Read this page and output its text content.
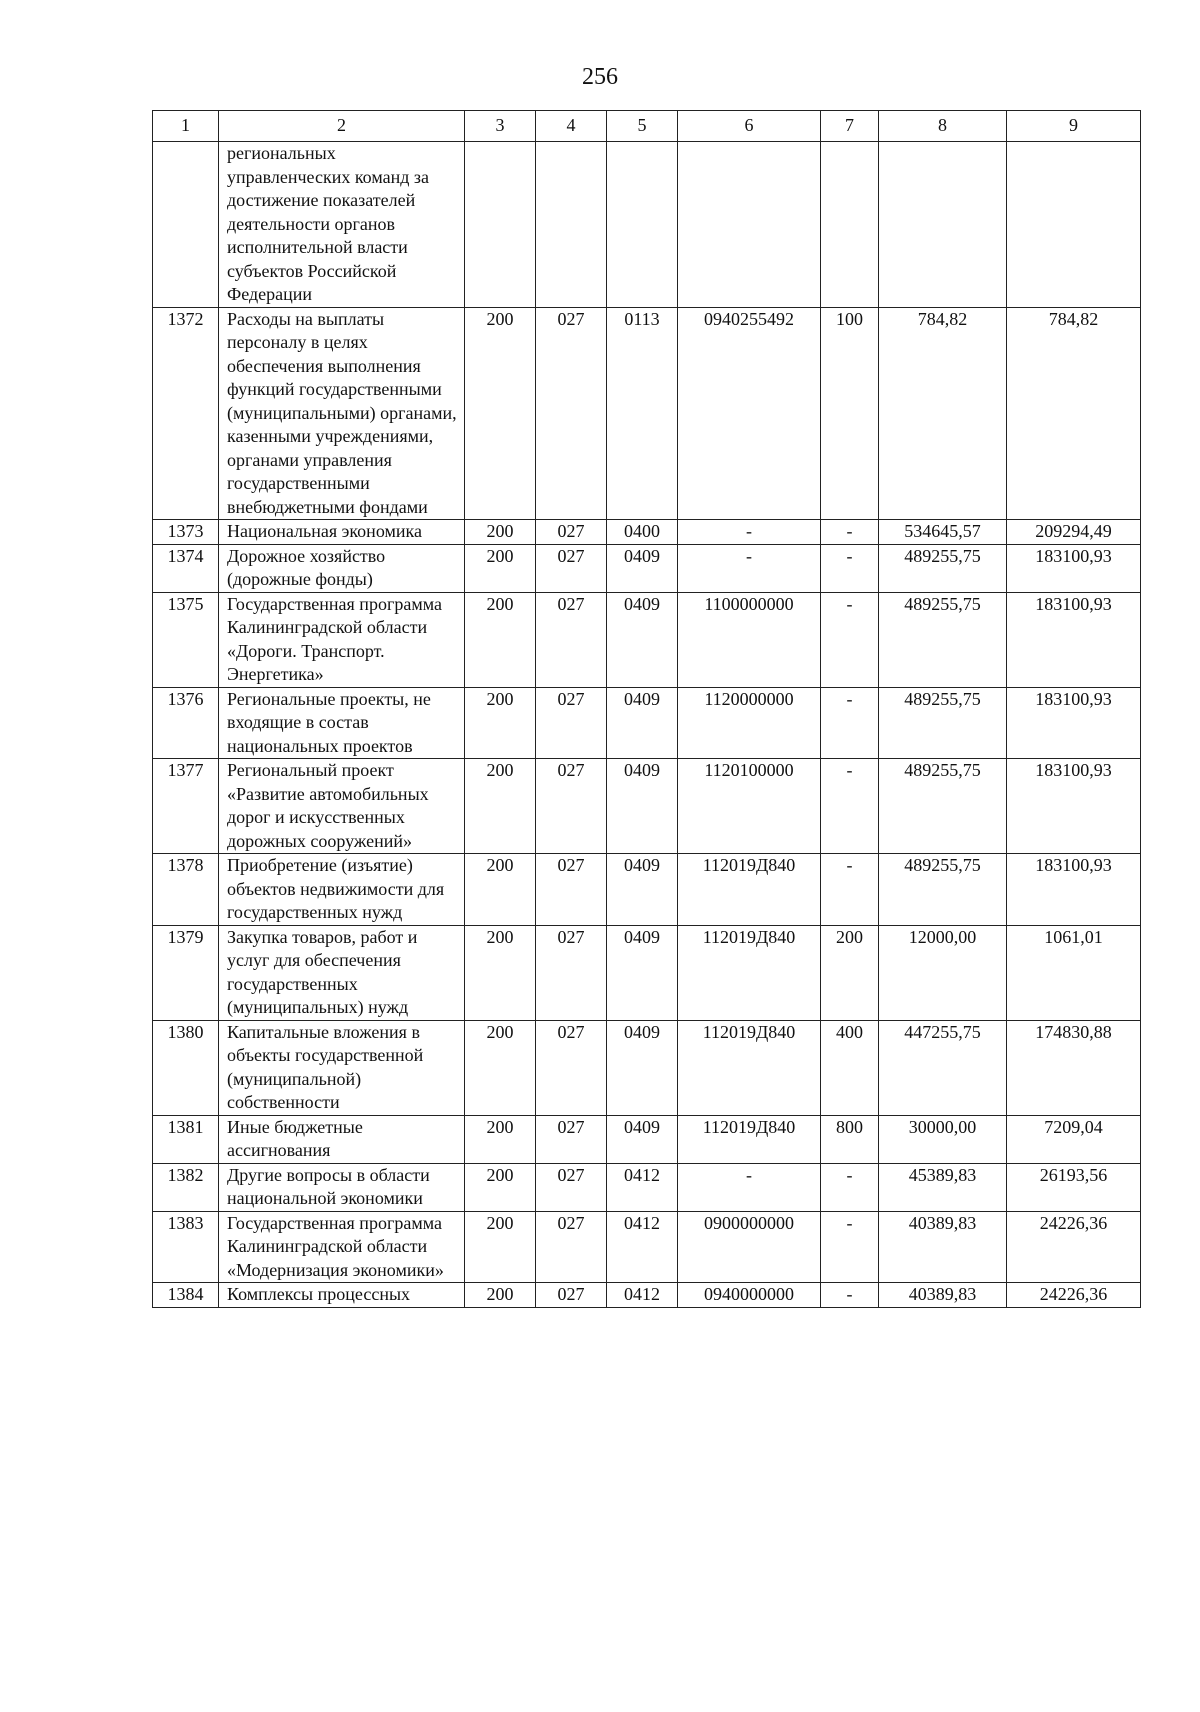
256
1	2	3	4	5	6	7	8	9
	региональных управленческих команд за достижение показателей деятельности органов исполнительной власти субъектов Российской Федерации							
1372	Расходы на выплаты персоналу в целях обеспечения выполнения функций государственными (муниципальными) органами, казенными учреждениями, органами управления государственными внебюджетными фондами	200	027	0113	0940255492	100	784,82	784,82
1373	Национальная экономика	200	027	0400	-	-	534645,57	209294,49
1374	Дорожное хозяйство (дорожные фонды)	200	027	0409	-	-	489255,75	183100,93
1375	Государственная программа Калининградской области «Дороги. Транспорт. Энергетика»	200	027	0409	1100000000	-	489255,75	183100,93
1376	Региональные проекты, не входящие в состав национальных проектов	200	027	0409	1120000000	-	489255,75	183100,93
1377	Региональный проект «Развитие автомобильных дорог и искусственных дорожных сооружений»	200	027	0409	1120100000	-	489255,75	183100,93
1378	Приобретение (изъятие) объектов недвижимости для государственных нужд	200	027	0409	112019Д840	-	489255,75	183100,93
1379	Закупка товаров, работ и услуг для обеспечения государственных (муниципальных) нужд	200	027	0409	112019Д840	200	12000,00	1061,01
1380	Капитальные вложения в объекты государственной (муниципальной) собственности	200	027	0409	112019Д840	400	447255,75	174830,88
1381	Иные бюджетные ассигнования	200	027	0409	112019Д840	800	30000,00	7209,04
1382	Другие вопросы в области национальной экономики	200	027	0412	-	-	45389,83	26193,56
1383	Государственная программа Калининградской области «Модернизация экономики»	200	027	0412	0900000000	-	40389,83	24226,36
1384	Комплексы процессных	200	027	0412	0940000000	-	40389,83	24226,36
